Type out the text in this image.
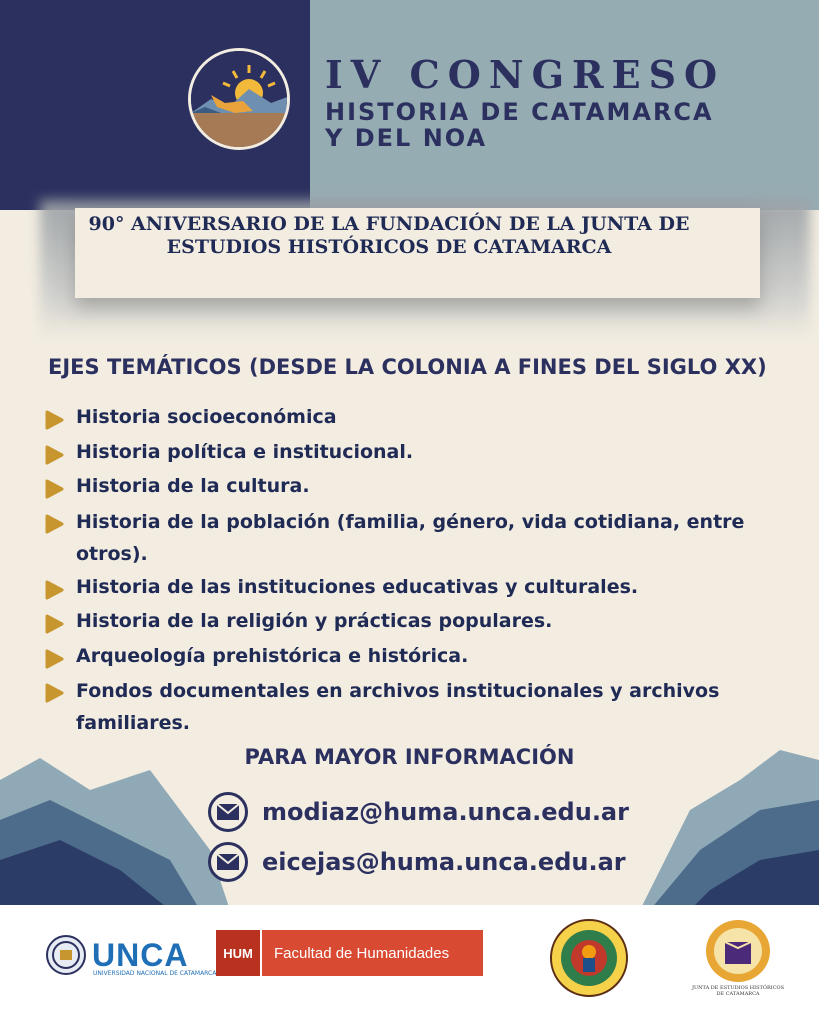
IV CONGRESO
HISTORIA DE CATAMARCA
Y DEL NOA
90° ANIVERSARIO DE LA FUNDACIÓN DE LA JUNTA DE ESTUDIOS HISTÓRICOS DE CATAMARCA
EJES TEMÁTICOS (DESDE LA COLONIA A FINES DEL SIGLO XX)
Historia socioeconómica
Historia política e institucional.
Historia de la cultura.
Historia de la población (familia, género, vida cotidiana, entre otros).
Historia de las instituciones educativas y culturales.
Historia de la religión y prácticas populares.
Arqueología prehistórica e histórica.
Fondos documentales en archivos institucionales y archivos familiares.
PARA MAYOR INFORMACIÓN
modiaz@huma.unca.edu.ar
eicejas@huma.unca.edu.ar
UNCA
UNIVERSIDAD NACIONAL DE CATAMARCA
HUM	Facultad de Humanidades
JUNTA DE ESTUDIOS HISTÓRICOS DE CATAMARCA
